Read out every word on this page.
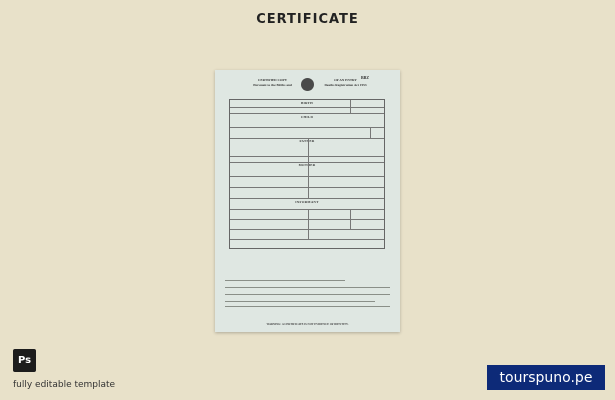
CERTIFICATE
CERTIFIED COPY
Pursuant to the Births and
OF AN ENTRY
Deaths Registration Act 1953
BBZ
BIRTH
CHILD
FATHER
MOTHER
INFORMANT
WARNING: A CERTIFICATE IS NOT EVIDENCE OF IDENTITY.
Ps
fully editable template	tourspuno.pe
